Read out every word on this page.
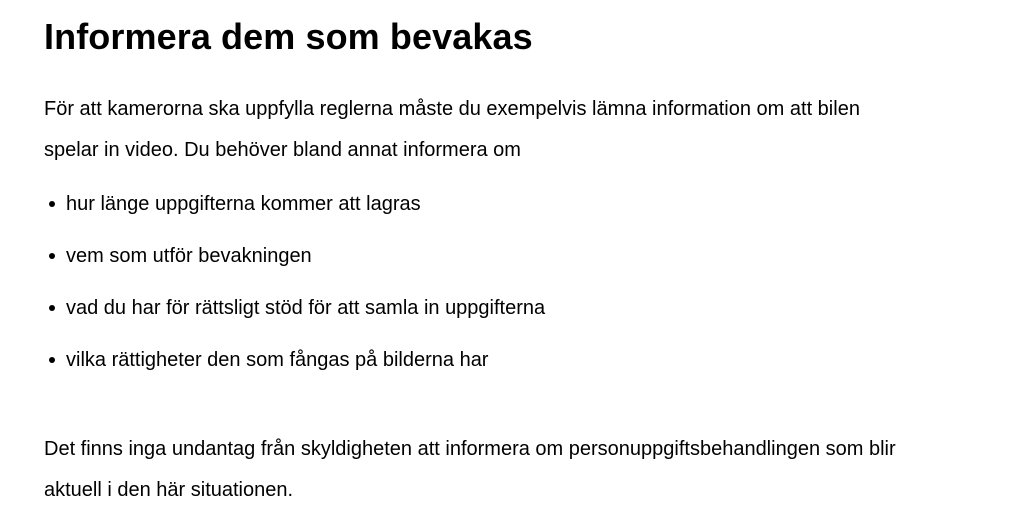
Informera dem som bevakas

För att kamerorna ska uppfylla reglerna måste du exempelvis lämna information om att bilen spelar in video. Du behöver bland annat informera om

hur länge uppgifterna kommer att lagras
vem som utför bevakningen
vad du har för rättsligt stöd för att samla in uppgifterna
vilka rättigheter den som fångas på bilderna har

Det finns inga undantag från skyldigheten att informera om personuppgiftsbehandlingen som blir aktuell i den här situationen.
